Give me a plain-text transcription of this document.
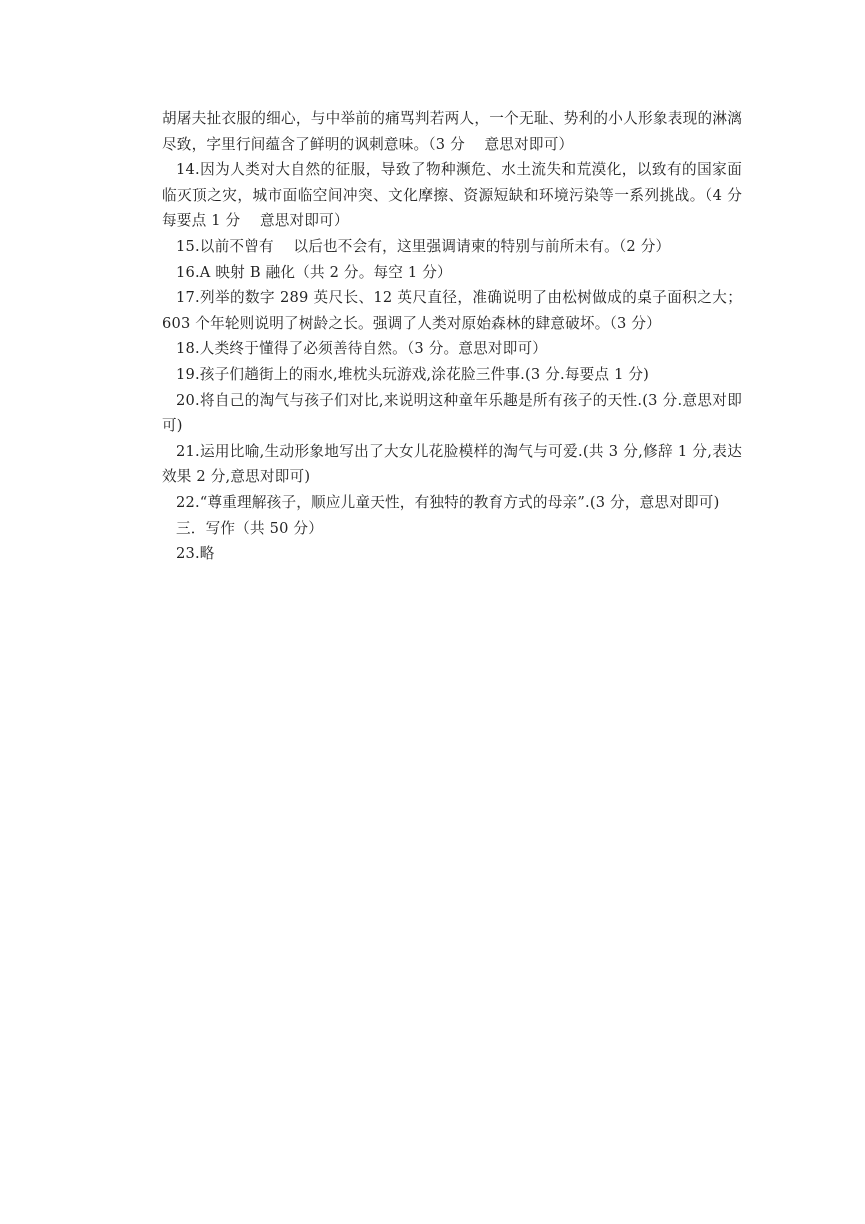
胡屠夫扯衣服的细心，与中举前的痛骂判若两人，一个无耻、势利的小人形象表现的淋漓尽致，字里行间蕴含了鲜明的讽刺意味。（3 分　 意思对即可）

14.因为人类对大自然的征服，导致了物种濒危、水土流失和荒漠化，以致有的国家面临灭顶之灾，城市面临空间冲突、文化摩擦、资源短缺和环境污染等一系列挑战。（4 分　 每要点 1 分　 意思对即可）

15.以前不曾有　 以后也不会有，这里强调请柬的特别与前所未有。（2 分）

16.A 映射 B 融化（共 2 分。每空 1 分）

17.列举的数字 289 英尺长、12 英尺直径，准确说明了由松树做成的桌子面积之大；603 个年轮则说明了树龄之长。强调了人类对原始森林的肆意破坏。（3 分）

18.人类终于懂得了必须善待自然。（3 分。意思对即可）

19.孩子们趟街上的雨水,堆枕头玩游戏,涂花脸三件事.(3 分.每要点 1 分)

20.将自己的淘气与孩子们对比,来说明这种童年乐趣是所有孩子的天性.(3 分.意思对即可)

21.运用比喻,生动形象地写出了大女儿花脸模样的淘气与可爱.(共 3 分,修辞 1 分,表达效果 2 分,意思对即可)

22.“尊重理解孩子，顺应儿童天性，有独特的教育方式的母亲”.(3 分，意思对即可)

三．写作（共 50 分）

23.略
